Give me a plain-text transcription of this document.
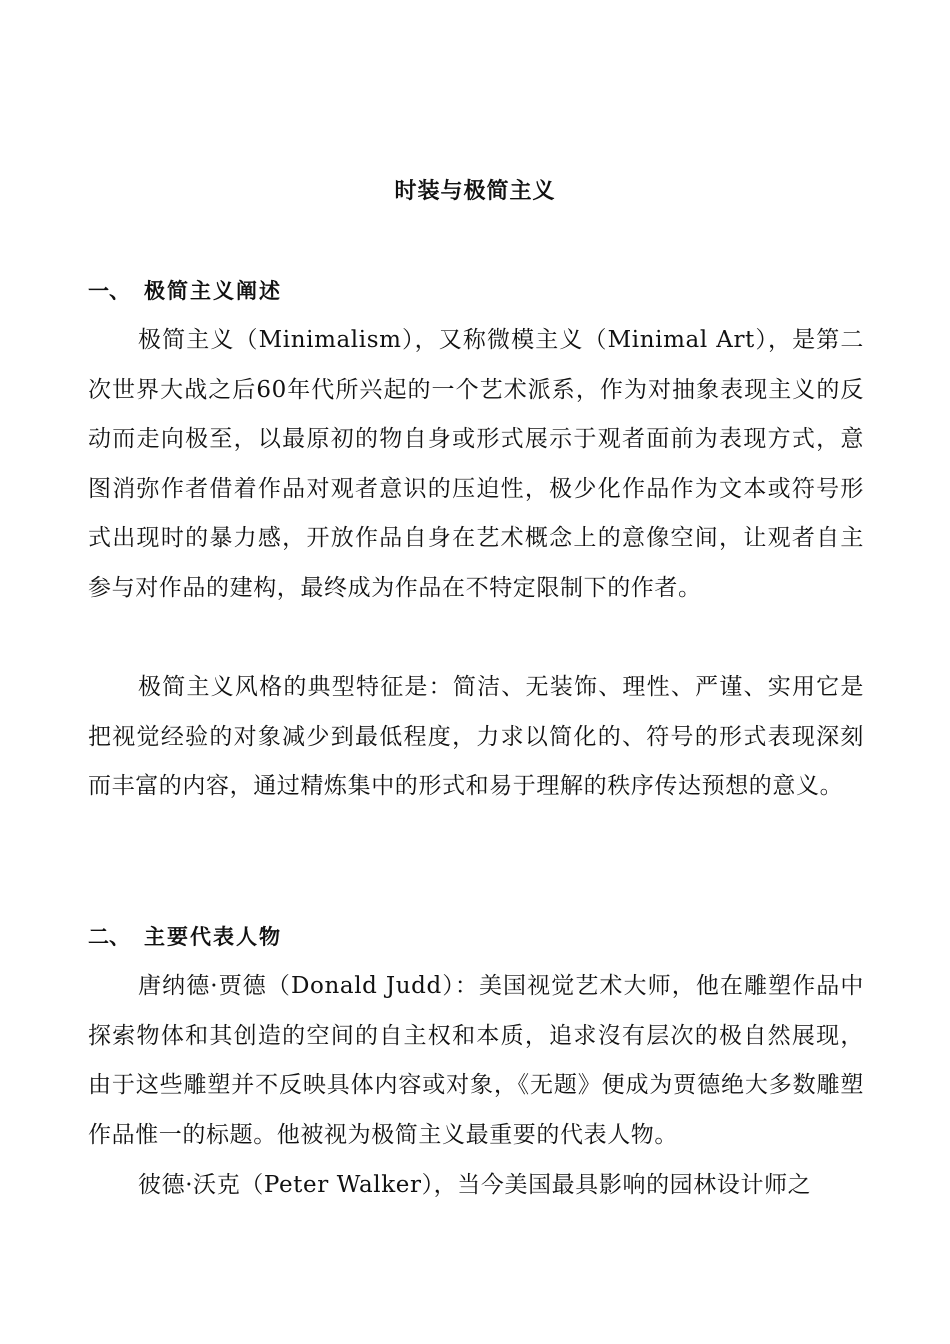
时装与极简主义
一、 极简主义阐述

极简主义（Minimalism），又称微模主义（Minimal Art），是第二次世界大战之后60年代所兴起的一个艺术派系，作为对抽象表现主义的反动而走向极至，以最原初的物自身或形式展示于观者面前为表现方式，意图消弥作者借着作品对观者意识的压迫性，极少化作品作为文本或符号形式出现时的暴力感，开放作品自身在艺术概念上的意像空间，让观者自主参与对作品的建构，最终成为作品在不特定限制下的作者。

极简主义风格的典型特征是：简洁、无装饰、理性、严谨、实用它是把视觉经验的对象减少到最低程度，力求以简化的、符号的形式表现深刻而丰富的内容，通过精炼集中的形式和易于理解的秩序传达预想的意义。

二、 主要代表人物

唐纳德·贾德（Donald Judd）：美国视觉艺术大师，他在雕塑作品中探索物体和其创造的空间的自主权和本质，追求沒有层次的极自然展现，由于这些雕塑并不反映具体内容或对象，《无题》便成为贾德绝大多数雕塑作品惟一的标题。他被视为极简主义最重要的代表人物。

彼德·沃克（Peter Walker），当今美国最具影响的园林设计师之
